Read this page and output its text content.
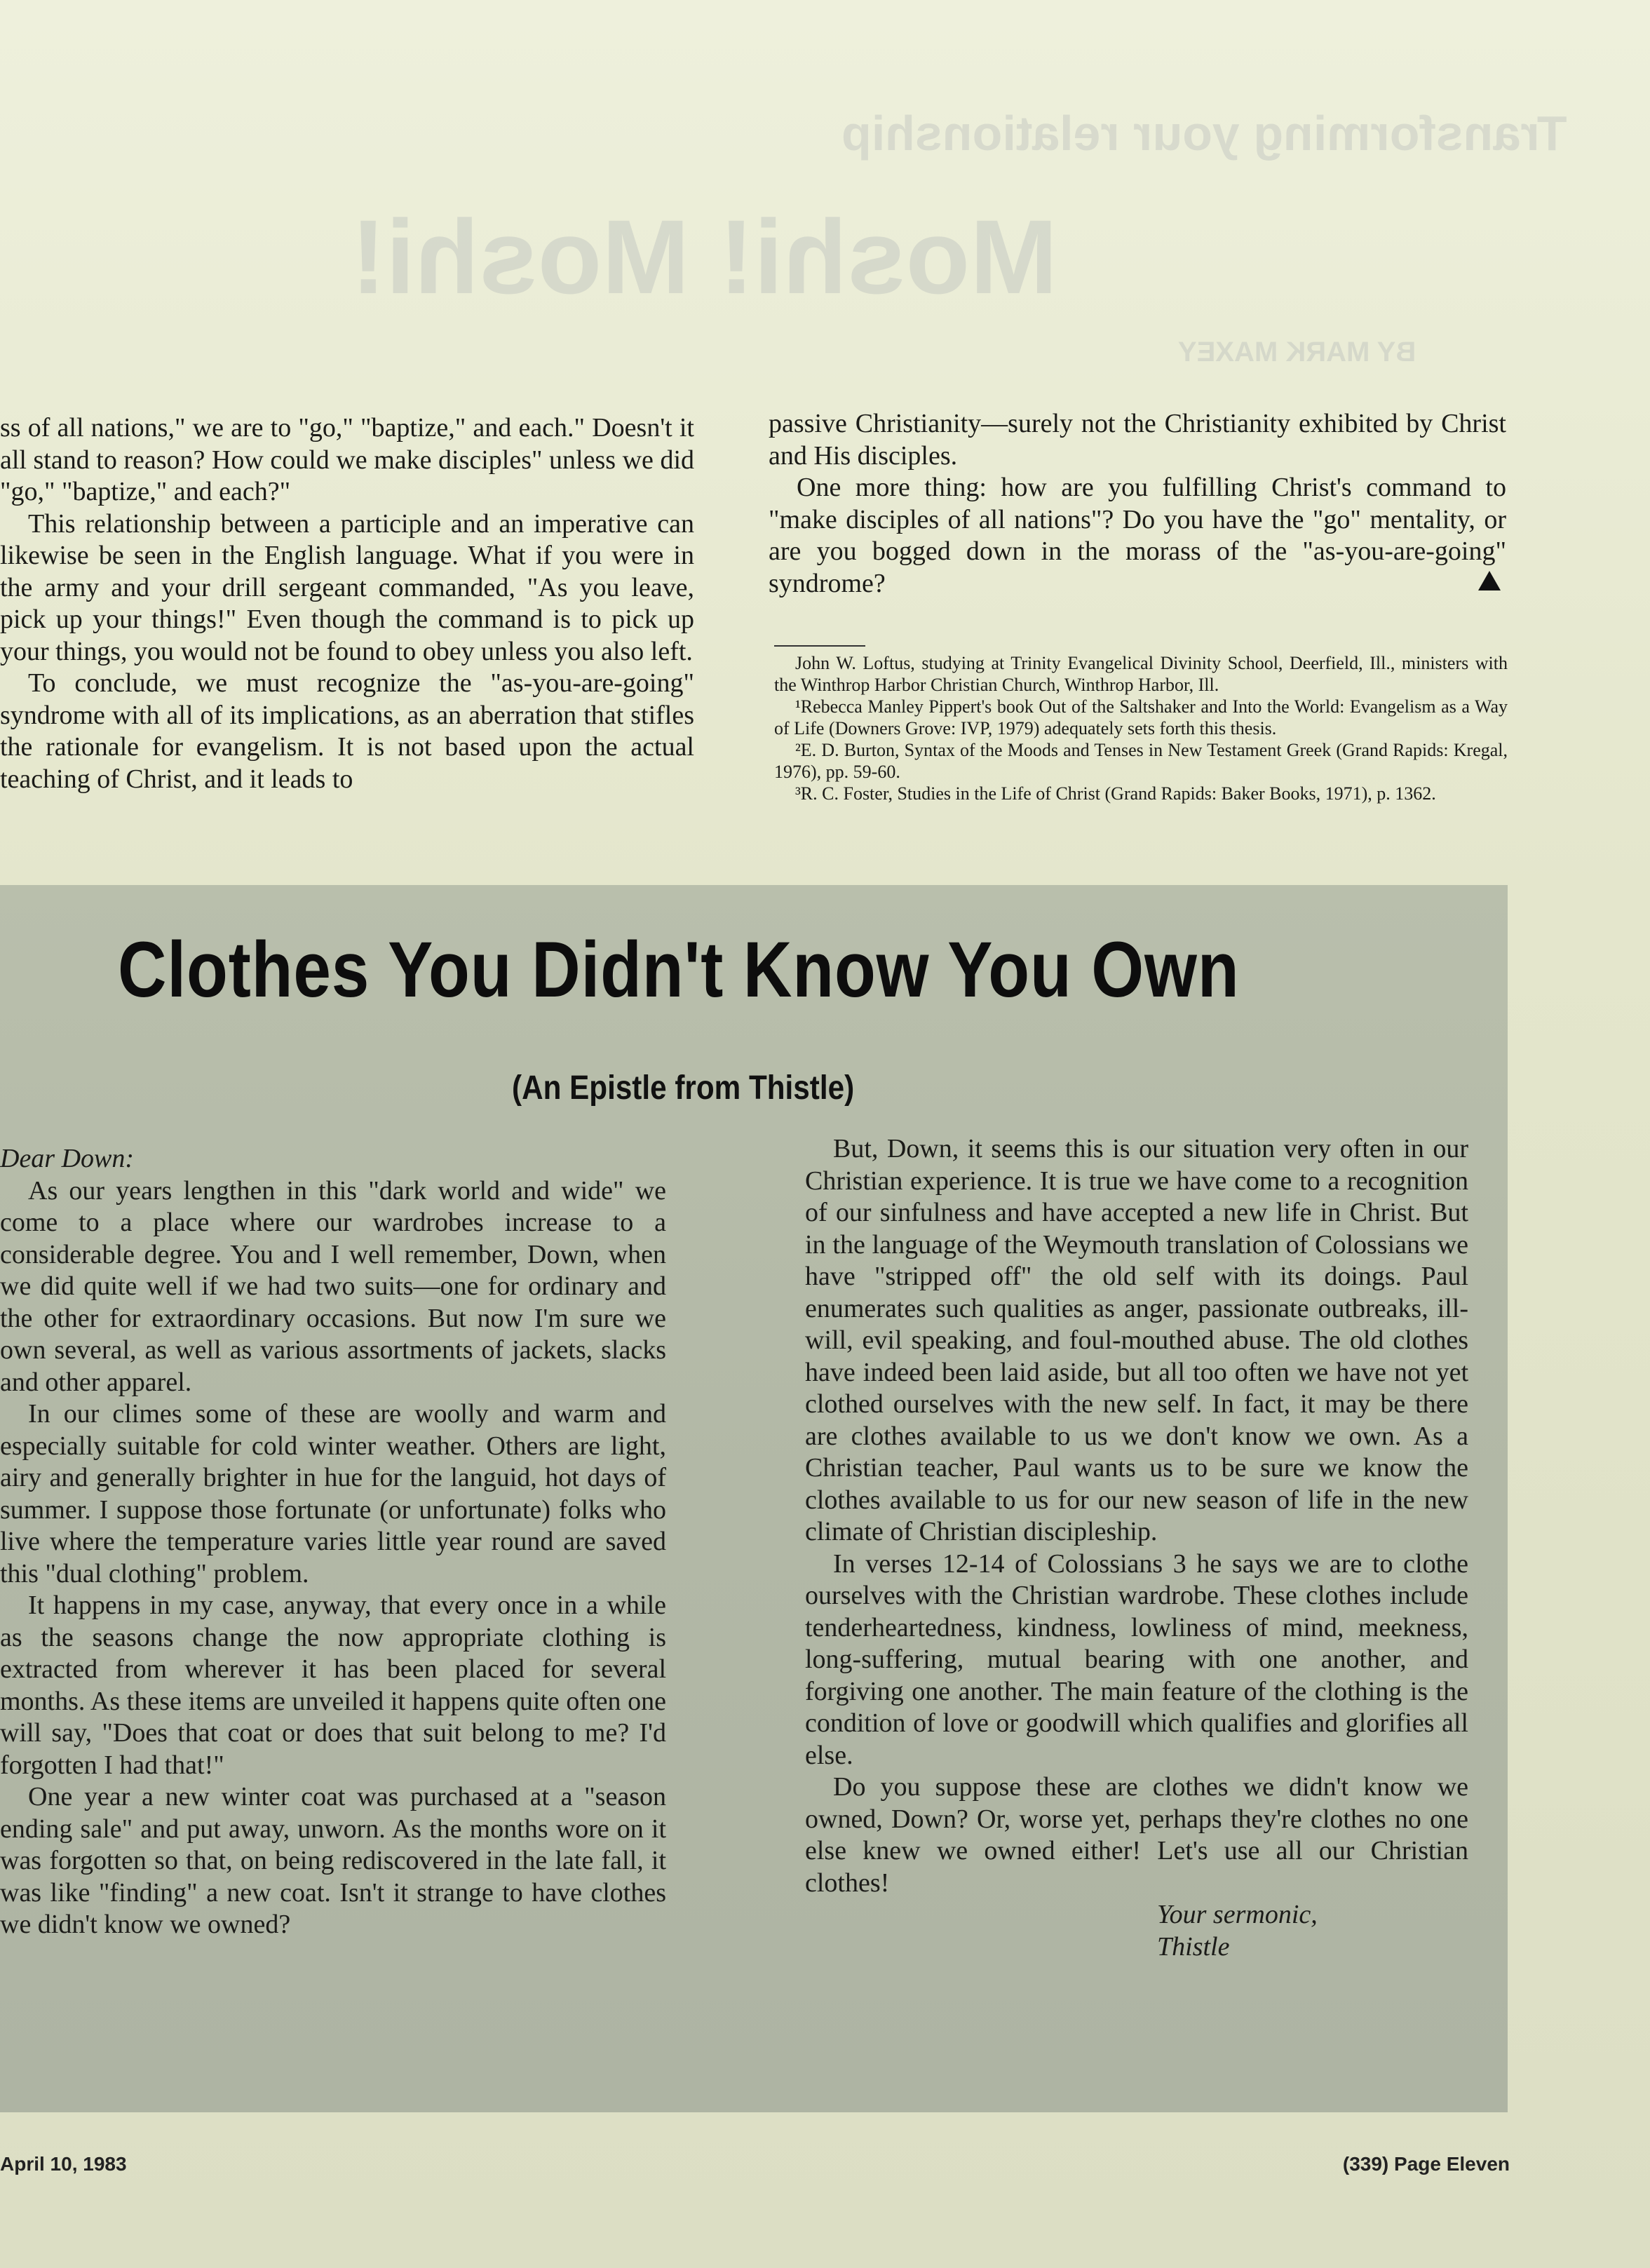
Transforming your relationship
Moshi! Moshi!
BY MARK MAXEY

ss of all nations," we are to "go," "baptize," and each." Doesn't it all stand to reason? How could we make disciples" unless we did "go," "baptize," and each?"

This relationship between a participle and an imperative can likewise be seen in the English language. What if you were in the army and your drill sergeant commanded, "As you leave, pick up your things!" Even though the command is to pick up your things, you would not be found to obey unless you also left.

To conclude, we must recognize the "as-you-are-going" syndrome with all of its implications, as an aberration that stifles the rationale for evangelism. It is not based upon the actual teaching of Christ, and it leads to

passive Christianity—surely not the Christianity exhibited by Christ and His disciples.

One more thing: how are you fulfilling Christ's command to "make disciples of all nations"? Do you have the "go" mentality, or are you bogged down in the morass of the "as-you-are-going" syndrome?

John W. Loftus, studying at Trinity Evangelical Divinity School, Deerfield, Ill., ministers with the Winthrop Harbor Christian Church, Winthrop Harbor, Ill.

¹Rebecca Manley Pippert's book Out of the Saltshaker and Into the World: Evangelism as a Way of Life (Downers Grove: IVP, 1979) adequately sets forth this thesis.

²E. D. Burton, Syntax of the Moods and Tenses in New Testament Greek (Grand Rapids: Kregal, 1976), pp. 59-60.

³R. C. Foster, Studies in the Life of Christ (Grand Rapids: Baker Books, 1971), p. 1362.

Clothes You Didn't Know You Own
(An Epistle from Thistle)

Dear Down:

As our years lengthen in this "dark world and wide" we come to a place where our wardrobes increase to a considerable degree. You and I well remember, Down, when we did quite well if we had two suits—one for ordinary and the other for extraordinary occasions. But now I'm sure we own several, as well as various assortments of jackets, slacks and other apparel.

In our climes some of these are woolly and warm and especially suitable for cold winter weather. Others are light, airy and generally brighter in hue for the languid, hot days of summer. I suppose those fortunate (or unfortunate) folks who live where the temperature varies little year round are saved this "dual clothing" problem.

It happens in my case, anyway, that every once in a while as the seasons change the now appropriate clothing is extracted from wherever it has been placed for several months. As these items are unveiled it happens quite often one will say, "Does that coat or does that suit belong to me? I'd forgotten I had that!"

One year a new winter coat was purchased at a "season ending sale" and put away, unworn. As the months wore on it was forgotten so that, on being rediscovered in the late fall, it was like "finding" a new coat. Isn't it strange to have clothes we didn't know we owned?

But, Down, it seems this is our situation very often in our Christian experience. It is true we have come to a recognition of our sinfulness and have accepted a new life in Christ. But in the language of the Weymouth translation of Colossians we have "stripped off" the old self with its doings. Paul enumerates such qualities as anger, passionate outbreaks, ill-will, evil speaking, and foul-mouthed abuse. The old clothes have indeed been laid aside, but all too often we have not yet clothed ourselves with the new self. In fact, it may be there are clothes available to us we don't know we own. As a Christian teacher, Paul wants us to be sure we know the clothes available to us for our new season of life in the new climate of Christian discipleship.

In verses 12-14 of Colossians 3 he says we are to clothe ourselves with the Christian wardrobe. These clothes include tenderheartedness, kindness, lowliness of mind, meekness, long-suffering, mutual bearing with one another, and forgiving one another. The main feature of the clothing is the condition of love or goodwill which qualifies and glorifies all else.

Do you suppose these are clothes we didn't know we owned, Down? Or, worse yet, perhaps they're clothes no one else knew we owned either! Let's use all our Christian clothes!

Your sermonic,

Thistle

April 10, 1983	(339) Page Eleven
